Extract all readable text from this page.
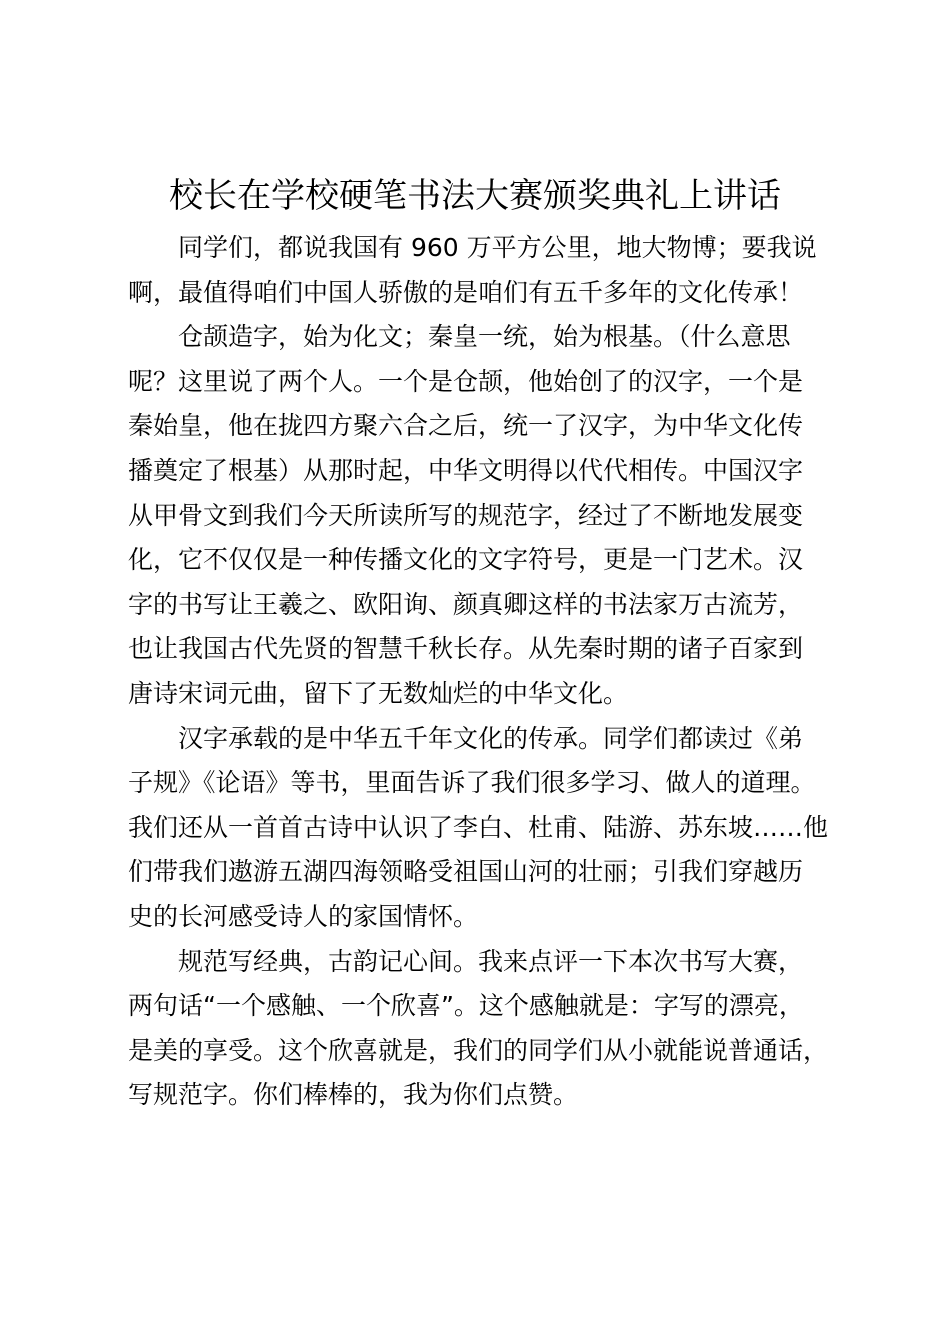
校长在学校硬笔书法大赛颁奖典礼上讲话
同学们，都说我国有 960 万平方公里，地大物博；要我说
啊，最值得咱们中国人骄傲的是咱们有五千多年的文化传承！
仓颉造字，始为化文；秦皇一统，始为根基。（什么意思
呢？这里说了两个人。一个是仓颉，他始创了的汉字，一个是
秦始皇，他在拢四方聚六合之后，统一了汉字，为中华文化传
播奠定了根基）从那时起，中华文明得以代代相传。中国汉字
从甲骨文到我们今天所读所写的规范字，经过了不断地发展变
化，它不仅仅是一种传播文化的文字符号，更是一门艺术。汉
字的书写让王羲之、欧阳询、颜真卿这样的书法家万古流芳，
也让我国古代先贤的智慧千秋长存。从先秦时期的诸子百家到
唐诗宋词元曲，留下了无数灿烂的中华文化。
汉字承载的是中华五千年文化的传承。同学们都读过《弟
子规》《论语》等书，里面告诉了我们很多学习、做人的道理。
我们还从一首首古诗中认识了李白、杜甫、陆游、苏东坡……他
们带我们遨游五湖四海领略受祖国山河的壮丽；引我们穿越历
史的长河感受诗人的家国情怀。
规范写经典，古韵记心间。我来点评一下本次书写大赛，
两句话“一个感触、一个欣喜”。这个感触就是：字写的漂亮，
是美的享受。这个欣喜就是，我们的同学们从小就能说普通话，
写规范字。你们棒棒的，我为你们点赞。
